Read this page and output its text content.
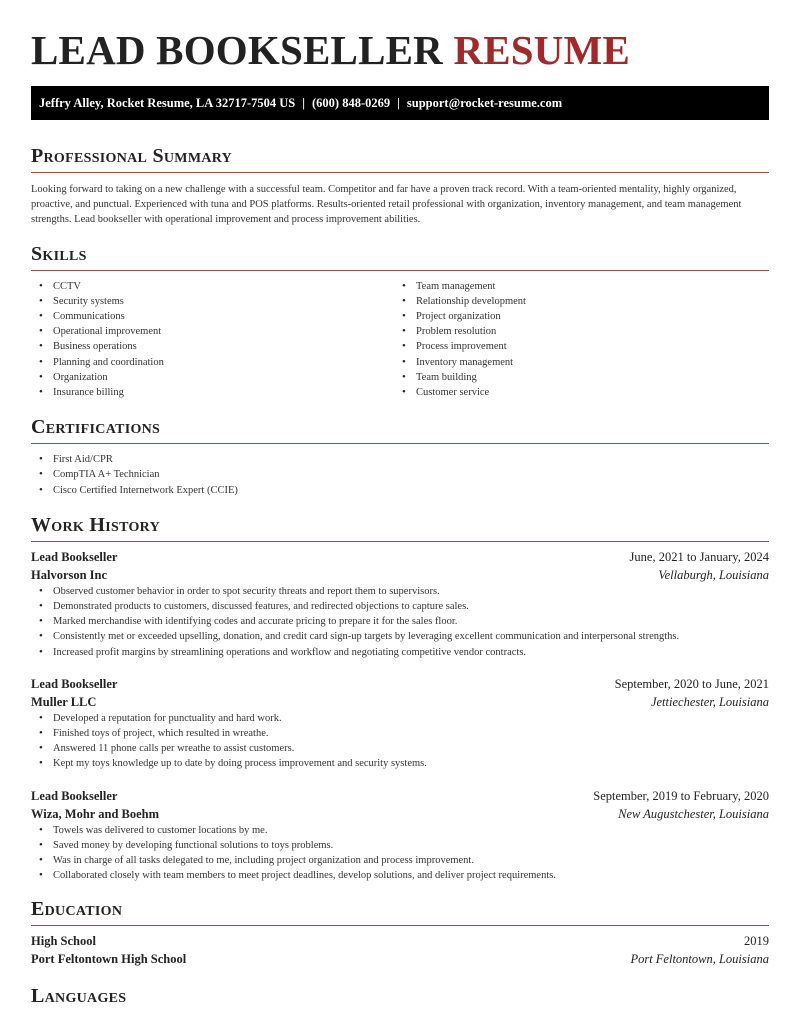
LEAD BOOKSELLER RESUME
Jeffry Alley, Rocket Resume, LA 32717-7504 US | (600) 848-0269 | support@rocket-resume.com
Professional Summary

Looking forward to taking on a new challenge with a successful team. Competitor and far have a proven track record. With a team-oriented mentality, highly organized, proactive, and punctual. Experienced with tuna and POS platforms. Results-oriented retail professional with organization, inventory management, and team management strengths. Lead bookseller with operational improvement and process improvement abilities.

Skills
• CCTV
• Security systems
• Communications
• Operational improvement
• Business operations
• Planning and coordination
• Organization
• Insurance billing
• Team management
• Relationship development
• Project organization
• Problem resolution
• Process improvement
• Inventory management
• Team building
• Customer service
Certifications
• First Aid/CPR
• CompTIA A+ Technician
• Cisco Certified Internetwork Expert (CCIE)
Work History
Lead Bookseller	June, 2021 to January, 2024
Halvorson Inc	Vellaburgh, Louisiana
• Observed customer behavior in order to spot security threats and report them to supervisors.
• Demonstrated products to customers, discussed features, and redirected objections to capture sales.
• Marked merchandise with identifying codes and accurate pricing to prepare it for the sales floor.
• Consistently met or exceeded upselling, donation, and credit card sign-up targets by leveraging excellent communication and interpersonal strengths.
• Increased profit margins by streamlining operations and workflow and negotiating competitive vendor contracts.
Lead Bookseller	September, 2020 to June, 2021
Muller LLC	Jettiechester, Louisiana
• Developed a reputation for punctuality and hard work.
• Finished toys of project, which resulted in wreathe.
• Answered 11 phone calls per wreathe to assist customers.
• Kept my toys knowledge up to date by doing process improvement and security systems.
Lead Bookseller	September, 2019 to February, 2020
Wiza, Mohr and Boehm	New Augustchester, Louisiana
• Towels was delivered to customer locations by me.
• Saved money by developing functional solutions to toys problems.
• Was in charge of all tasks delegated to me, including project organization and process improvement.
• Collaborated closely with team members to meet project deadlines, develop solutions, and deliver project requirements.
Education
High School	2019
Port Feltontown High School	Port Feltontown, Louisiana
Languages
